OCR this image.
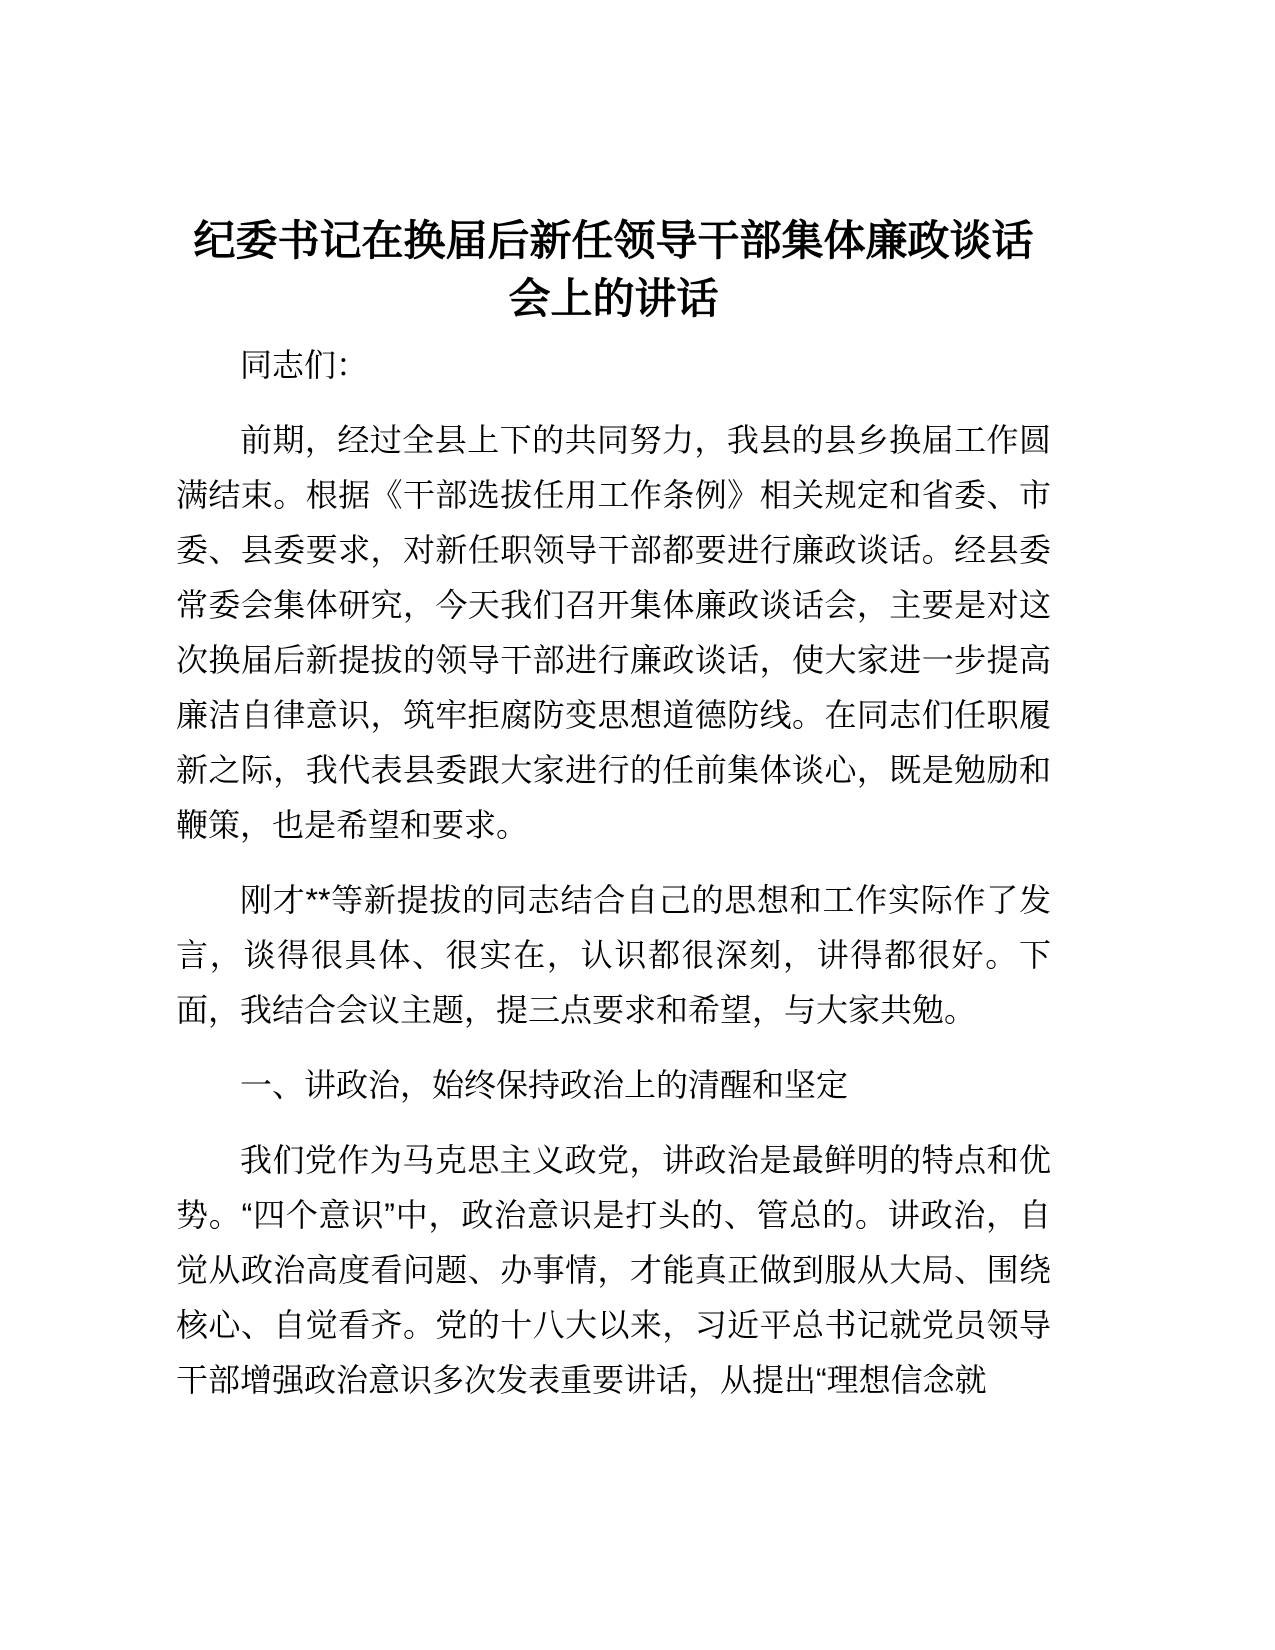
纪委书记在换届后新任领导干部集体廉政谈话会上的讲话

同志们：

前期，经过全县上下的共同努力，我县的县乡换届工作圆满结束。根据《干部选拔任用工作条例》相关规定和省委、市委、县委要求，对新任职领导干部都要进行廉政谈话。经县委常委会集体研究，今天我们召开集体廉政谈话会，主要是对这次换届后新提拔的领导干部进行廉政谈话，使大家进一步提高廉洁自律意识，筑牢拒腐防变思想道德防线。在同志们任职履新之际，我代表县委跟大家进行的任前集体谈心，既是勉励和鞭策，也是希望和要求。

刚才**等新提拔的同志结合自己的思想和工作实际作了发言，谈得很具体、很实在，认识都很深刻，讲得都很好。下面，我结合会议主题，提三点要求和希望，与大家共勉。

一、讲政治，始终保持政治上的清醒和坚定

我们党作为马克思主义政党，讲政治是最鲜明的特点和优势。“四个意识”中，政治意识是打头的、管总的。讲政治，自觉从政治高度看问题、办事情，才能真正做到服从大局、围绕核心、自觉看齐。党的十八大以来，习近平总书记就党员领导干部增强政治意识多次发表重要讲话，从提出“理想信念就
